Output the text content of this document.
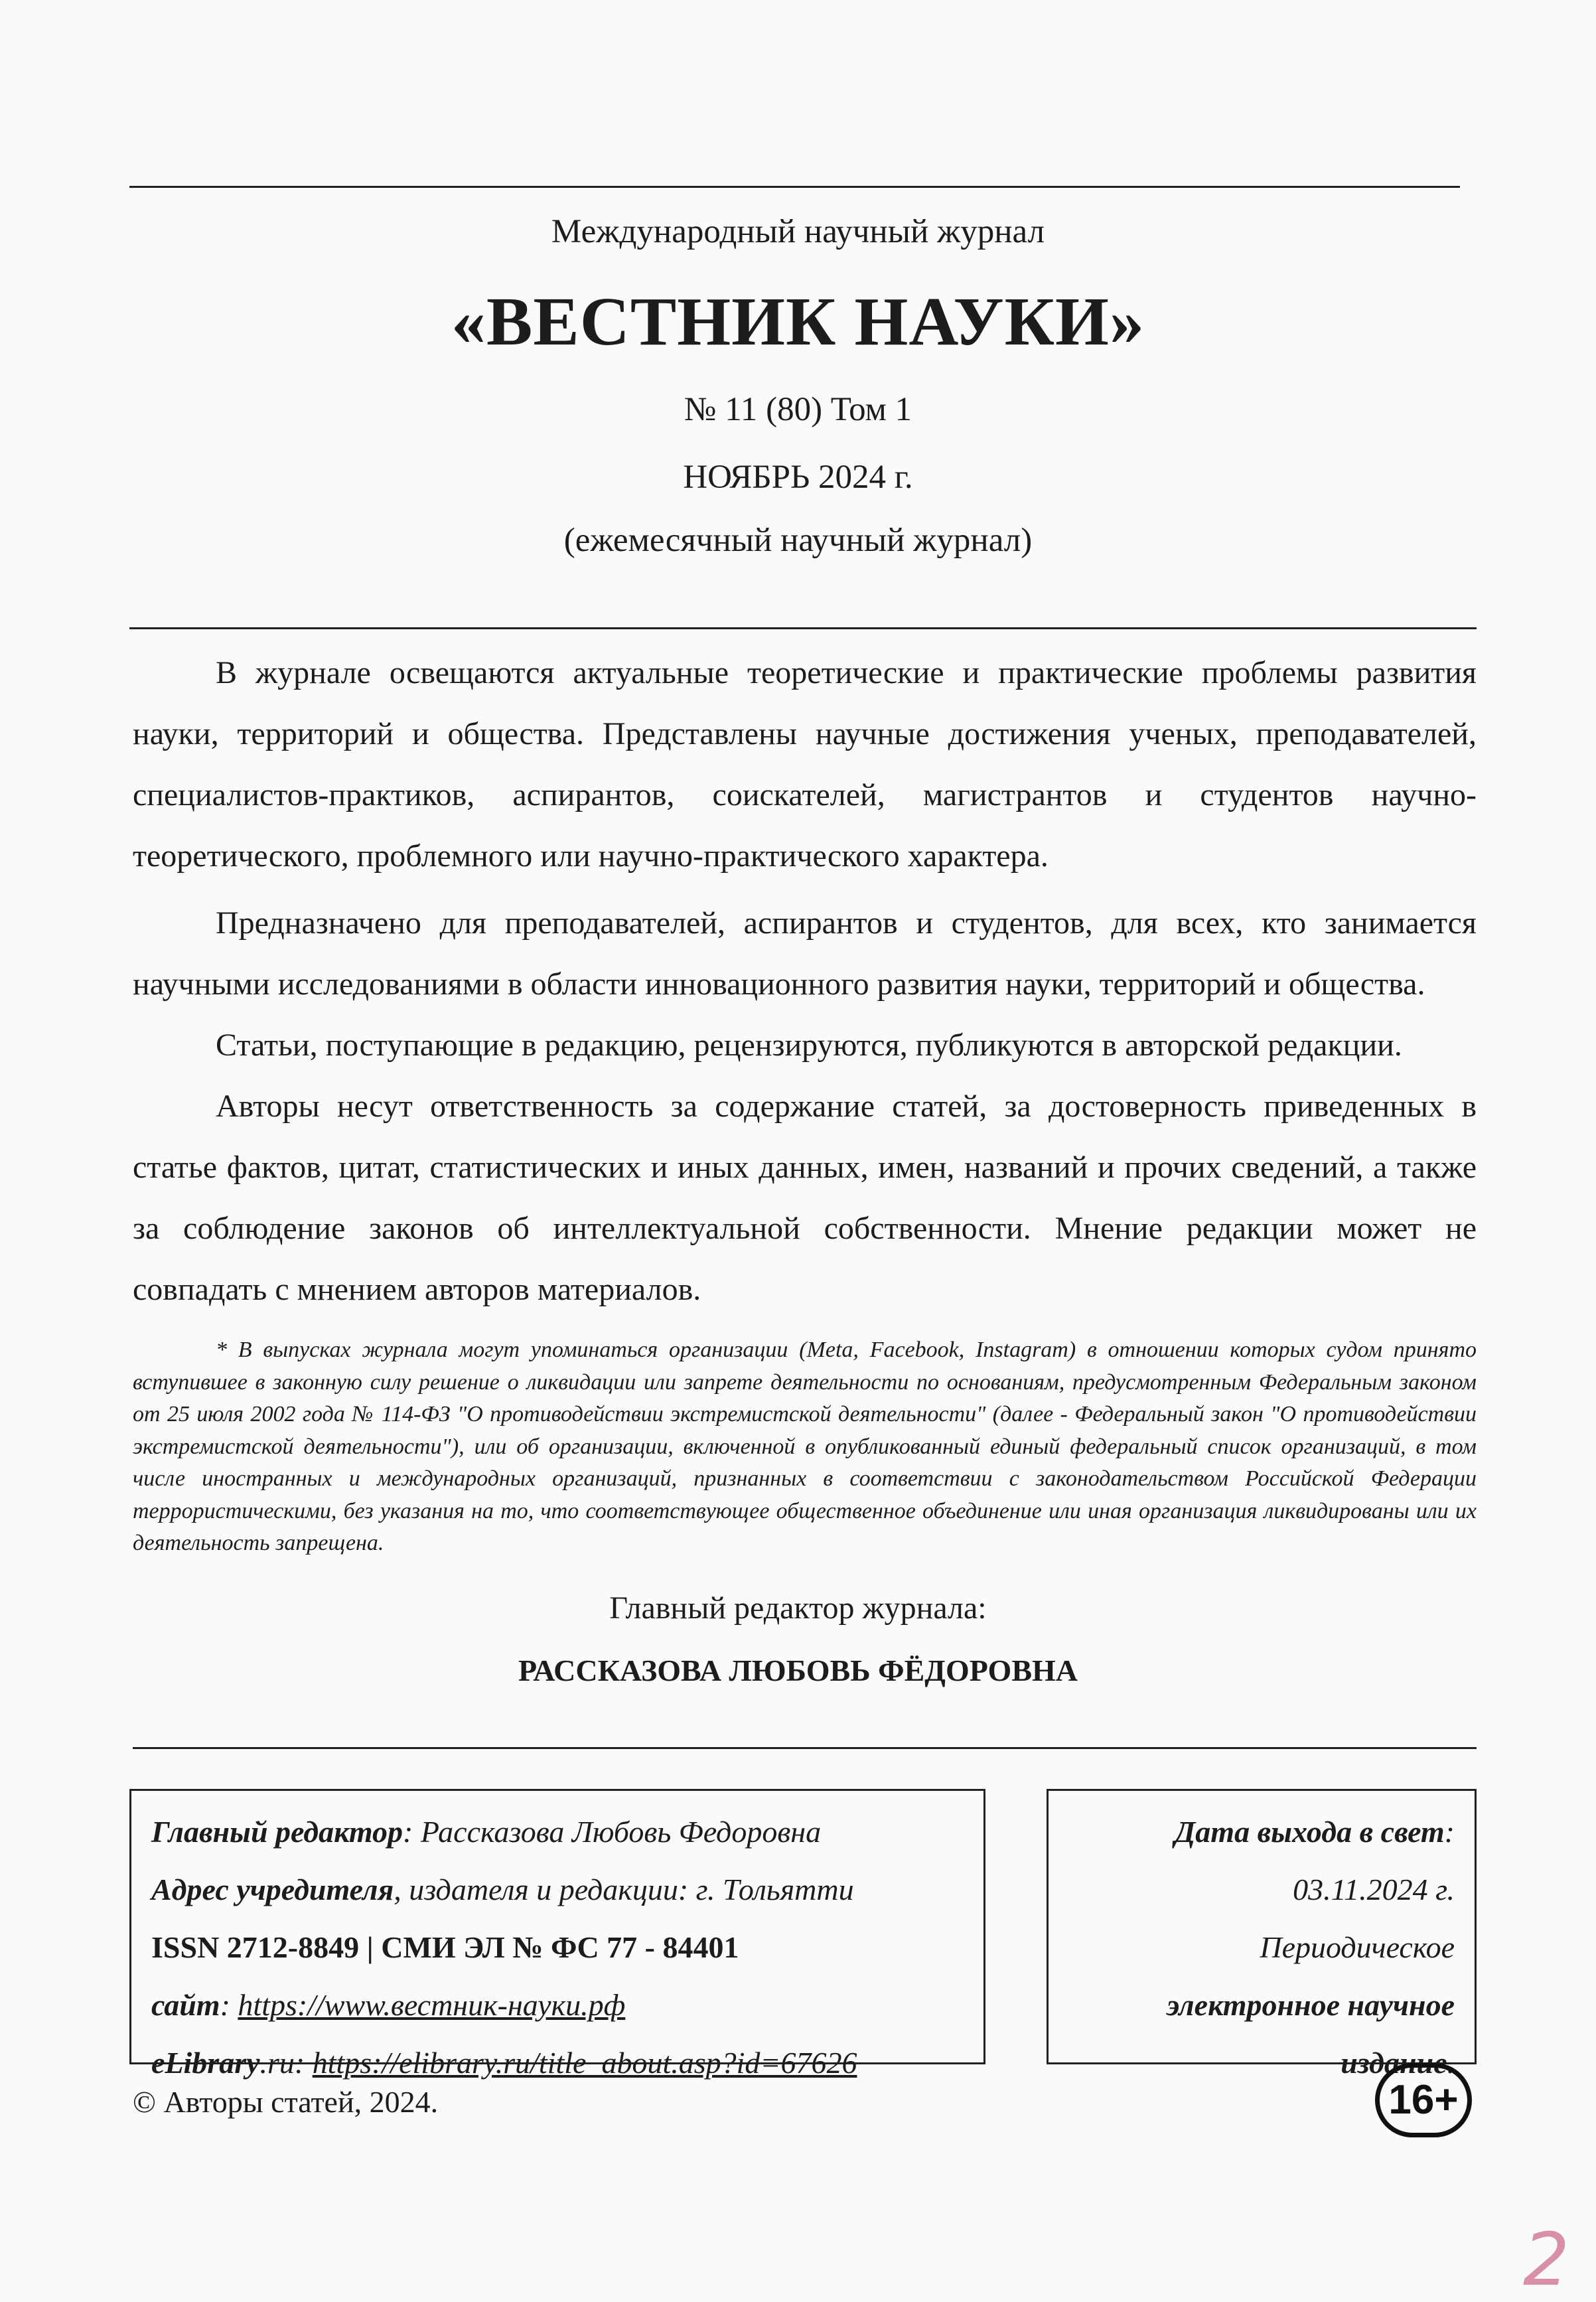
Международный научный журнал
«ВЕСТНИК НАУКИ»
№ 11 (80) Том 1
НОЯБРЬ 2024 г.
(ежемесячный научный журнал)

В журнале освещаются актуальные теоретические и практические проблемы развития науки, территорий и общества. Представлены научные достижения ученых, преподавателей, специалистов-практиков, аспирантов, соискателей, магистрантов и студентов научно-теоретического, проблемного или научно-практического характера.

Предназначено для преподавателей, аспирантов и студентов, для всех, кто занимается научными исследованиями в области инновационного развития науки, территорий и общества.

Статьи, поступающие в редакцию, рецензируются, публикуются в авторской редакции.

Авторы несут ответственность за содержание статей, за достоверность приведенных в статье фактов, цитат, статистических и иных данных, имен, названий и прочих сведений, а также за соблюдение законов об интеллектуальной собственности. Мнение редакции может не совпадать с мнением авторов материалов.

* В выпусках журнала могут упоминаться организации (Meta, Facebook, Instagram) в отношении которых судом принято вступившее в законную силу решение о ликвидации или запрете деятельности по основаниям, предусмотренным Федеральным законом от 25 июля 2002 года № 114-ФЗ "О противодействии экстремистской деятельности" (далее - Федеральный закон "О противодействии экстремистской деятельности"), или об организации, включенной в опубликованный единый федеральный список организаций, в том числе иностранных и международных организаций, признанных в соответствии с законодательством Российской Федерации террористическими, без указания на то, что соответствующее общественное объединение или иная организация ликвидированы или их деятельность запрещена.

Главный редактор журнала:
РАССКАЗОВА ЛЮБОВЬ ФЁДОРОВНА
Главный редактор: Рассказова Любовь Федоровна
Адрес учредителя, издателя и редакции: г. Тольятти
ISSN 2712-8849 | СМИ ЭЛ № ФС 77 - 84401
сайт: https://www.вестник-науки.рф
eLibrary.ru: https://elibrary.ru/title_about.asp?id=67626
Дата выхода в свет:
03.11.2024 г.
Периодическое
электронное научное
издание.
© Авторы статей, 2024.	16+
2
